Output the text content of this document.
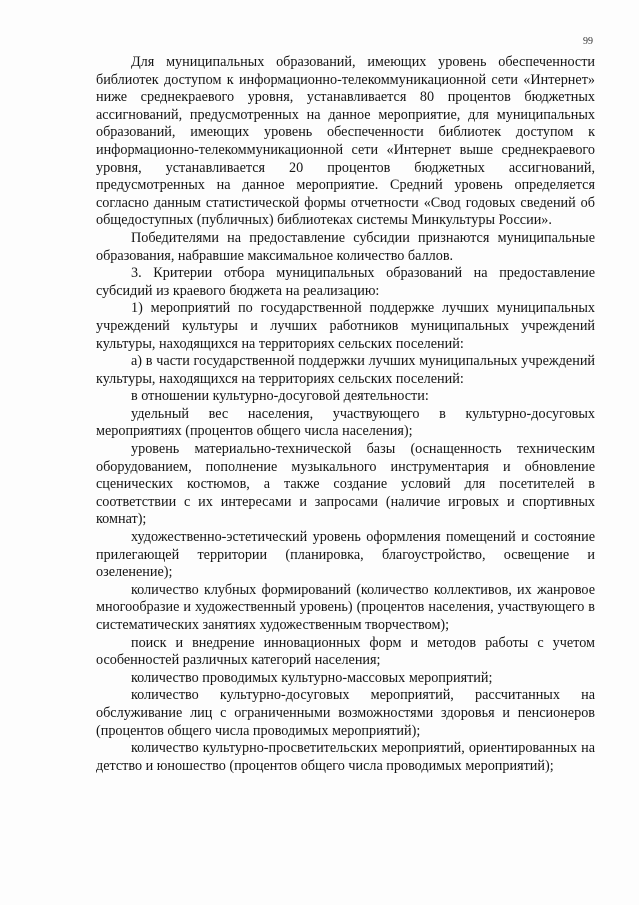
99

Для муниципальных образований, имеющих уровень обеспеченности библиотек доступом к информационно-телекоммуникационной сети «Интернет» ниже среднекраевого уровня, устанавливается 80 процентов бюджетных ассигнований, предусмотренных на данное мероприятие, для муниципальных образований, имеющих уровень обеспеченности библиотек доступом к информационно-телекоммуникационной сети «Интернет выше среднекраевого уровня, устанавливается 20 процентов бюджетных ассигнований, предусмотренных на данное мероприятие. Средний уровень определяется согласно данным статистической формы отчетности «Свод годовых сведений об общедоступных (публичных) библиотеках системы Минкультуры России».

Победителями на предоставление субсидии признаются муниципальные образования, набравшие максимальное количество баллов.

3. Критерии отбора муниципальных образований на предоставление субсидий из краевого бюджета на реализацию:

1) мероприятий по государственной поддержке лучших муниципальных учреждений культуры и лучших работников муниципальных учреждений культуры, находящихся на территориях сельских поселений:

а) в части государственной поддержки лучших муниципальных учреждений культуры, находящихся на территориях сельских поселений:

в отношении культурно-досуговой деятельности:

удельный вес населения, участвующего в культурно-досуговых мероприятиях (процентов общего числа населения);

уровень материально-технической базы (оснащенность техническим оборудованием, пополнение музыкального инструментария и обновление сценических костюмов, а также создание условий для посетителей в соответствии с их интересами и запросами (наличие игровых и спортивных комнат);

художественно-эстетический уровень оформления помещений и состояние прилегающей территории (планировка, благоустройство, освещение и озеленение);

количество клубных формирований (количество коллективов, их жанровое многообразие и художественный уровень) (процентов населения, участвующего в систематических занятиях художественным творчеством);

поиск и внедрение инновационных форм и методов работы с учетом особенностей различных категорий населения;

количество проводимых культурно-массовых мероприятий;

количество культурно-досуговых мероприятий, рассчитанных на обслуживание лиц с ограниченными возможностями здоровья и пенсионеров (процентов общего числа проводимых мероприятий);

количество культурно-просветительских мероприятий, ориентированных на детство и юношество (процентов общего числа проводимых мероприятий);
